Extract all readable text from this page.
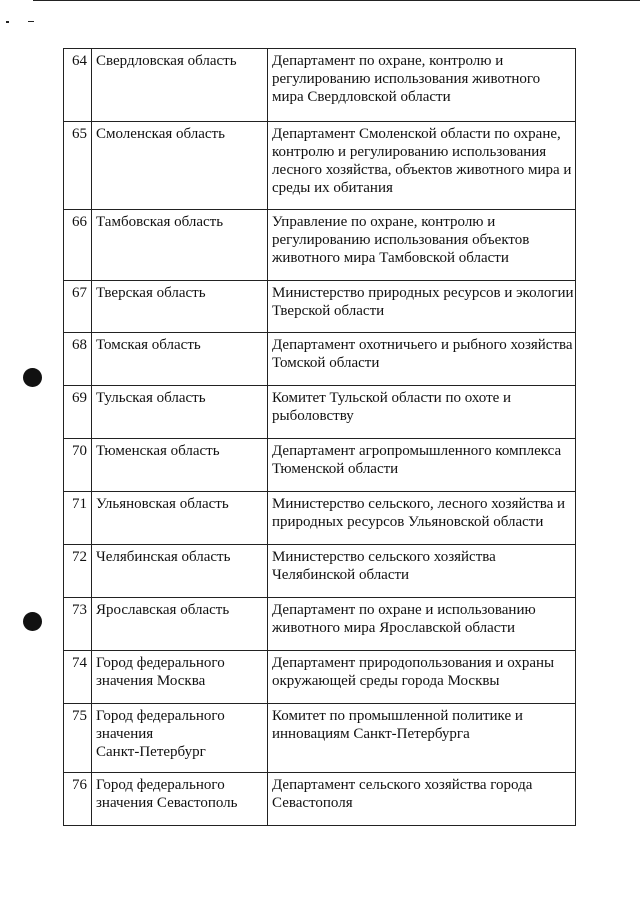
64	Свердловская область	Департамент по охране, контролю и
регулированию использования животного
мира Свердловской области

65	Смоленская область	Департамент Смоленской области по охране,
контролю и регулированию использования
лесного хозяйства, объектов животного мира и
среды их обитания

66	Тамбовская область	Управление по охране, контролю и
регулированию использования объектов
животного мира Тамбовской области

67	Тверская область	Министерство природных ресурсов и экологии
Тверской области

68	Томская область	Департамент охотничьего и рыбного хозяйства
Томской области

69	Тульская область	Комитет Тульской области по охоте и
рыболовству

70	Тюменская область	Департамент агропромышленного комплекса
Тюменской области

71	Ульяновская область	Министерство сельского, лесного хозяйства и
природных ресурсов Ульяновской области

72	Челябинская область	Министерство сельского хозяйства
Челябинской области

73	Ярославская область	Департамент по охране и использованию
животного мира Ярославской области

74	Город федерального
значения Москва	Департамент природопользования и охраны
окружающей среды города Москвы

75	Город федерального
значения
Санкт-Петербург	Комитет по промышленной политике и
инновациям Санкт-Петербурга

76	Город федерального
значения Севастополь	Департамент сельского хозяйства города
Севастополя
